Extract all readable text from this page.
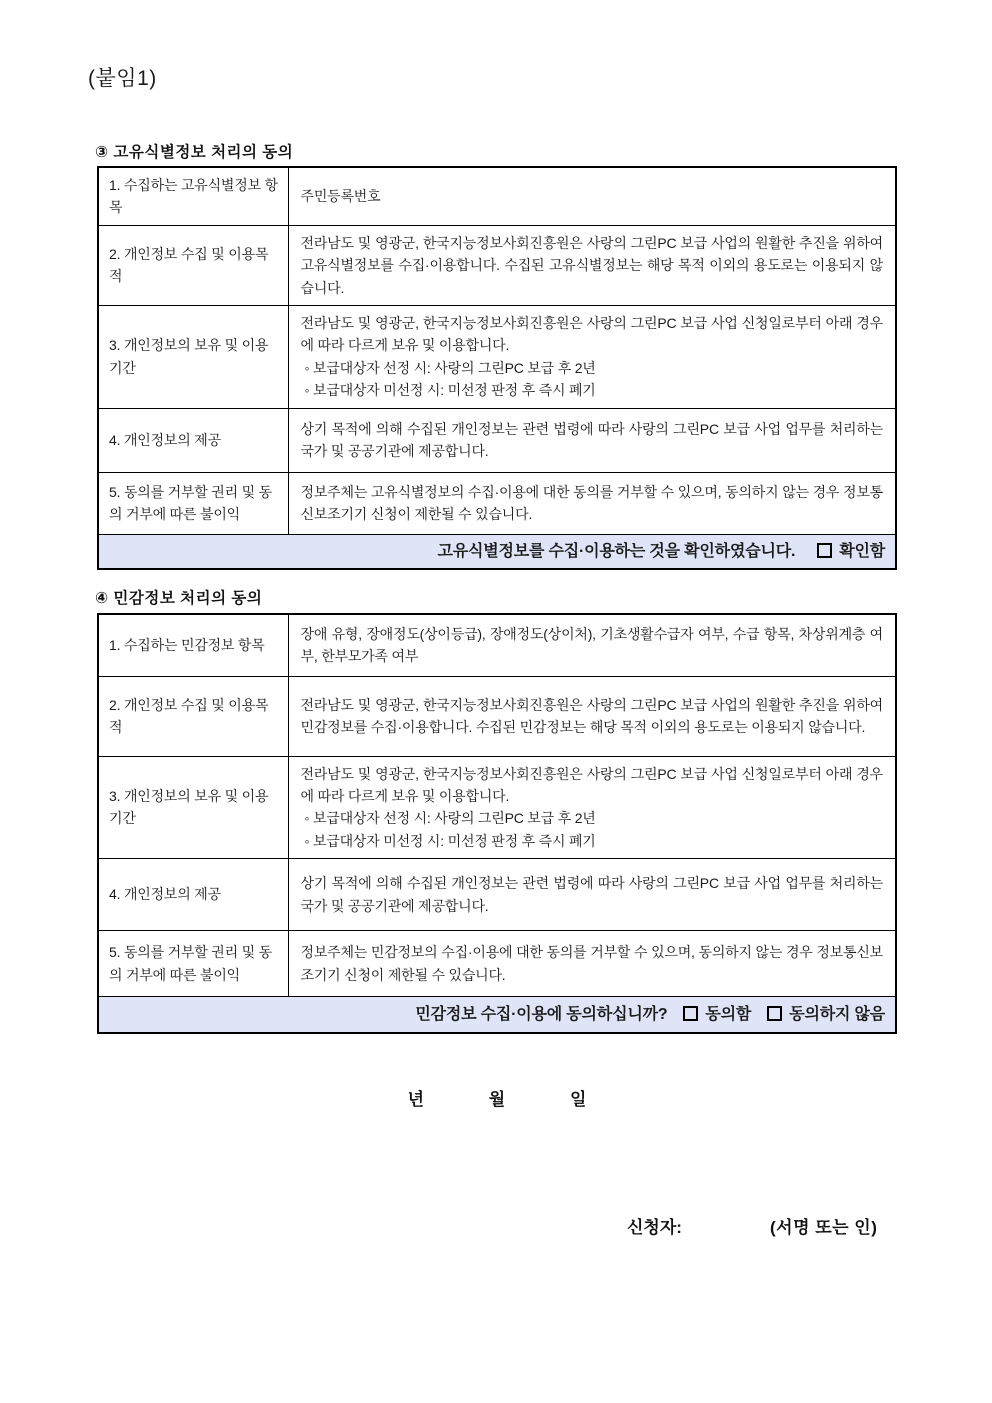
(붙임1)
③ 고유식별정보 처리의 동의
1. 수집하는 고유식별정보 항목	주민등록번호
2. 개인정보 수집 및 이용목적	전라남도 및 영광군, 한국지능정보사회진흥원은 사랑의 그린PC 보급 사업의 원활한 추진을 위하여 고유식별정보를 수집·이용합니다. 수집된 고유식별정보는 해당 목적 이외의 용도로는 이용되지 않습니다.
3. 개인정보의 보유 및 이용기간	전라남도 및 영광군, 한국지능정보사회진흥원은 사랑의 그린PC 보급 사업 신청일로부터 아래 경우에 따라 다르게 보유 및 이용합니다.
◦ 보급대상자 선정 시: 사랑의 그린PC 보급 후 2년
◦ 보급대상자 미선정 시: 미선정 판정 후 즉시 폐기

4. 개인정보의 제공	상기 목적에 의해 수집된 개인정보는 관련 법령에 따라 사랑의 그린PC 보급 사업 업무를 처리하는 국가 및 공공기관에 제공합니다.
5. 동의를 거부할 권리 및 동의 거부에 따른 불이익	정보주체는 고유식별정보의 수집·이용에 대한 동의를 거부할 수 있으며, 동의하지 않는 경우 정보통신보조기기 신청이 제한될 수 있습니다.
고유식별정보를 수집·이용하는 것을 확인하였습니다. 확인함	
④ 민감정보 처리의 동의
1. 수집하는 민감정보 항목	장애 유형, 장애정도(상이등급), 장애정도(상이처), 기초생활수급자 여부, 수급 항목, 차상위계층 여부, 한부모가족 여부
2. 개인정보 수집 및 이용목적	전라남도 및 영광군, 한국지능정보사회진흥원은 사랑의 그린PC 보급 사업의 원활한 추진을 위하여 민감정보를 수집·이용합니다. 수집된 민감정보는 해당 목적 이외의 용도로는 이용되지 않습니다.
3. 개인정보의 보유 및 이용 기간	전라남도 및 영광군, 한국지능정보사회진흥원은 사랑의 그린PC 보급 사업 신청일로부터 아래 경우에 따라 다르게 보유 및 이용합니다.
◦ 보급대상자 선정 시: 사랑의 그린PC 보급 후 2년
◦ 보급대상자 미선정 시: 미선정 판정 후 즉시 폐기

4. 개인정보의 제공	상기 목적에 의해 수집된 개인정보는 관련 법령에 따라 사랑의 그린PC 보급 사업 업무를 처리하는 국가 및 공공기관에 제공합니다.
5. 동의를 거부할 권리 및 동의 거부에 따른 불이익	정보주체는 민감정보의 수집·이용에 대한 동의를 거부할 수 있으며, 동의하지 않는 경우 정보통신보조기기 신청이 제한될 수 있습니다.
민감정보 수집·이용에 동의하십니까? 동의함 동의하지 않음	
년	월	일
신청자:	(서명 또는 인)
